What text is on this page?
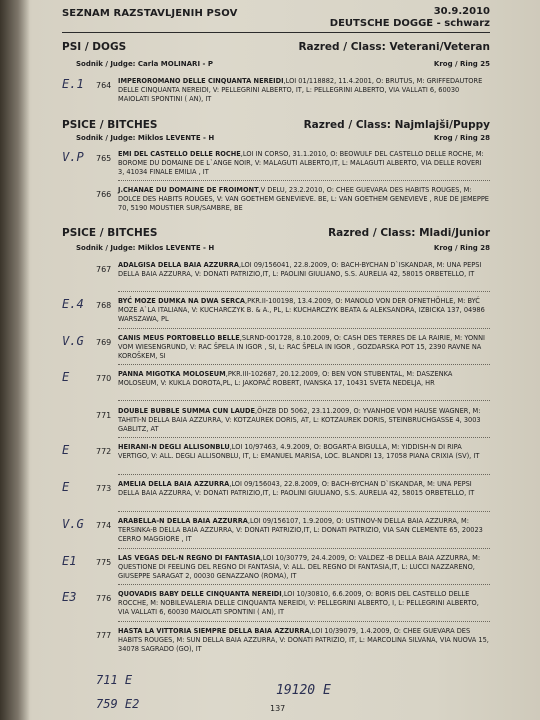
SEZNAM RAZSTAVLJENIH PSOV	30.9.2010
DEUTSCHE DOGGE - schwarz
PSI / DOGS	Razred / Class: Veterani/Veteran
Sodnik / Judge: Carla MOLINARI - P	Krog / Ring 25
PSICE / BITCHES	Razred / Class: Najmlajši/Puppy
Sodnik / Judge: Miklos LEVENTE - H	Krog / Ring 28
PSICE / BITCHES	Razred / Class: Mladi/Junior
Sodnik / Judge: Miklos LEVENTE - H	Krog / Ring 28
E.1	764 IMPEROROMANO DELLE CINQUANTA NEREIDI,LOI 01/118882, 11.4.2001, O: BRUTUS, M: GRIFFEDAUTORE DELLE CINQUANTA NEREIDI, V: PELLEGRINI ALBERTO, IT, L: PELLEGRINI ALBERTO, VIA VALLATI 6, 60030 MAIOLATI SPONTINI ( AN), IT
V.P	765 EMI DEL CASTELLO DELLE ROCHE,LOI IN CORSO, 31.1.2010, O: BEOWULF DEL CASTELLO DELLE ROCHE, M: BOROME DU DOMAINE DE L`ANGE NOIR, V: MALAGUTI ALBERTO,IT, L: MALAGUTI ALBERTO, VIA DELLE ROVERI 3, 41034 FINALE EMILIA , IT
766 J.CHANAE DU DOMAINE DE FROIMONT,V DELU, 23.2.2010, O: CHEE GUEVARA DES HABITS ROUGES, M: DOLCE DES HABITS ROUGES, V: VAN GOETHEM GENEVIEVE. BE, L: VAN GOETHEM GENEVIEVE , RUE DE JEMEPPE 70, 5190 MOUSTIER SUR/SAMBRE, BE
767 ADALGISA DELLA BAIA AZZURRA,LOI 09/156041, 22.8.2009, O: BACH-BYCHAN D`ISKANDAR, M: UNA PEPSI DELLA BAIA AZZURRA, V: DONATI PATRIZIO,IT, L: PAOLINI GIULIANO, S.S. AURELIA 42, 58015 ORBETELLO, IT
E.4	768 BYĆ MOZE DUMKA NA DWA SERCA,PKR.II-100198, 13.4.2009, O: MANOLO VON DER OFNETHÖHLE, M: BYĆ MOZE A`LA ITALIANA, V: KUCHARCZYK B. & A., PL, L: KUCHARCZYK BEATA & ALEKSANDRA, IZBICKA 137, 04986 WARSZAWA, PL
V.G	769 CANIS MEUS PORTOBELLO BELLE,SLRND-001728, 8.10.2009, O: CASH DES TERRES DE LA RAIRIE, M: YONNI VOM WIESENGRUND, V: RAC ŠPELA IN IGOR , SI, L: RAC ŠPELA IN IGOR , GOZDARSKA POT 15, 2390 RAVNE NA KOROŠKEM, SI
E	770 PANNA MIGOTKA MOLOSEUM,PKR.III-102687, 20.12.2009, O: BEN VON STUBENTAL, M: DASZENKA MOLOSEUM, V: KUKLA DOROTA,PL, L: JAKOPAČ ROBERT, IVANSKA 17, 10431 SVETA NEDELJA, HR
771 DOUBLE BUBBLE SUMMA CUN LAUDE,ÖHZB DD 5062, 23.11.2009, O: YVANHOE VOM HAUSE WAGNER, M: TAHITI-N DELLA BAIA AZZURRA, V: KOTZAUREK DORIS, AT, L: KOTZAUREK DORIS, STEINBRUCHGASSE 4, 3003 GABLITZ, AT
E	772 HEIRANI-N DEGLI ALLISONBLU,LOI 10/97463, 4.9.2009, O: BOGART-A BIGULLA, M: YIDDISH-N DI RIPA VERTIGO, V: ALL. DEGLI ALLISONBLU, IT, L: EMANUEL MARISA, LOC. BLANDRI 13, 17058 PIANA CRIXIA (SV), IT
E	773 AMELIA DELLA BAIA AZZURRA,LOI 09/156043, 22.8.2009, O: BACH-BYCHAN D`ISKANDAR, M: UNA PEPSI DELLA BAIA AZZURRA, V: DONATI PATRIZIO,IT, L: PAOLINI GIULIANO, S.S. AURELIA 42, 58015 ORBETELLO, IT
V.G	774 ARABELLA-N DELLA BAIA AZZURRA,LOI 09/156107, 1.9.2009, O: USTINOV-N DELLA BAIA AZZURRA, M: TERSINKA-B DELLA BAIA AZZURRA, V: DONATI PATRIZIO,IT, L: DONATI PATRIZIO, VIA SAN CLEMENTE 65, 20023 CERRO MAGGIORE , IT
E1	775 LAS VEGAS DEL-N REGNO DI FANTASIA,LOI 10/30779, 24.4.2009, O: VALDEZ -B DELLA BAIA AZZURRA, M: QUESTIONE DI FEELING DEL REGNO DI FANTASIA, V: ALL. DEL REGNO DI FANTASIA,IT, L: LUCCI NAZZARENO, GIUSEPPE SARAGAT 2, 00030 GENAZZANO (ROMA), IT
E3	776 QUOVADIS BABY DELLE CINQUANTA NEREIDI,LOI 10/30810, 6.6.2009, O: BORIS DEL CASTELLO DELLE ROCCHE, M: NOBILEVALERIA DELLE CINQUANTA NEREIDI, V: PELLEGRINI ALBERTO, I, L: PELLEGRINI ALBERTO, VIA VALLATI 6, 60030 MAIOLATI SPONTINI ( AN), IT
777 HASTA LA VITTORIA SIEMPRE DELLA BAIA AZZURRA,LOI 10/39079, 1.4.2009, O: CHEE GUEVARA DES HABITS ROUGES, M: SUN DELLA BAIA AZZURRA, V: DONATI PATRIZIO, IT, L: MARCOLINA SILVANA, VIA NUOVA 15, 34078 SAGRADO (GO), IT
711 E
759 E2
19120 E
137
